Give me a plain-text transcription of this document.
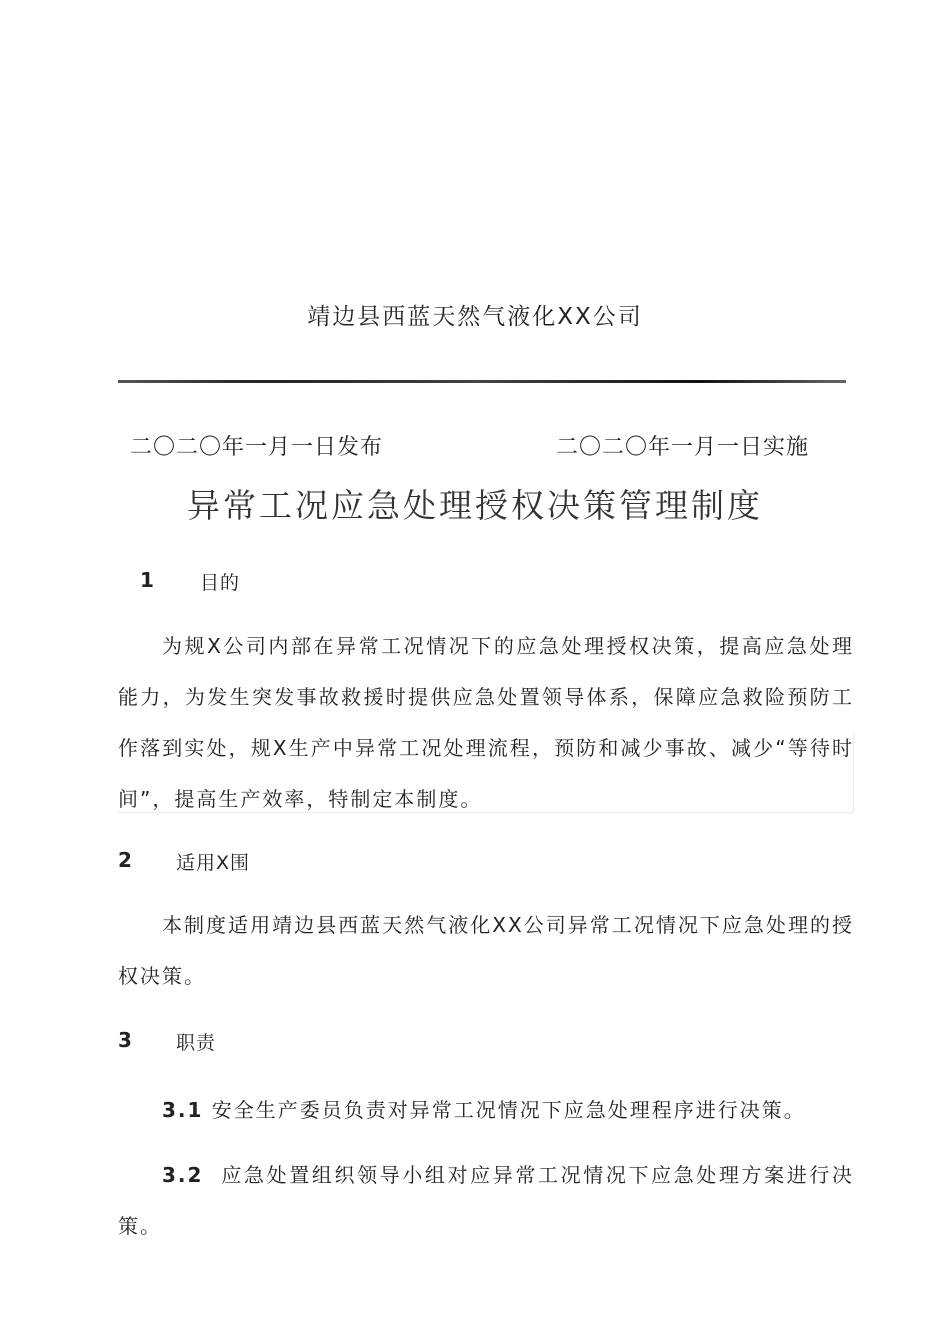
靖边县西蓝天然气液化XX公司
二〇二〇年一月一日发布	二〇二〇年一月一日实施
异常工况应急处理授权决策管理制度
1 目的
为规X公司内部在异常工况情况下的应急处理授权决策，提高应急处理能力，为发生突发事故救援时提供应急处置领导体系，保障应急救险预防工作落到实处，规X生产中异常工况处理流程，预防和减少事故、减少“等待时间”，提高生产效率，特制定本制度。
2 适用X围
本制度适用靖边县西蓝天然气液化XX公司异常工况情况下应急处理的授权决策。
3 职责
3.1 安全生产委员负责对异常工况情况下应急处理程序进行决策。
3.2 应急处置组织领导小组对应异常工况情况下应急处理方案进行决策。
